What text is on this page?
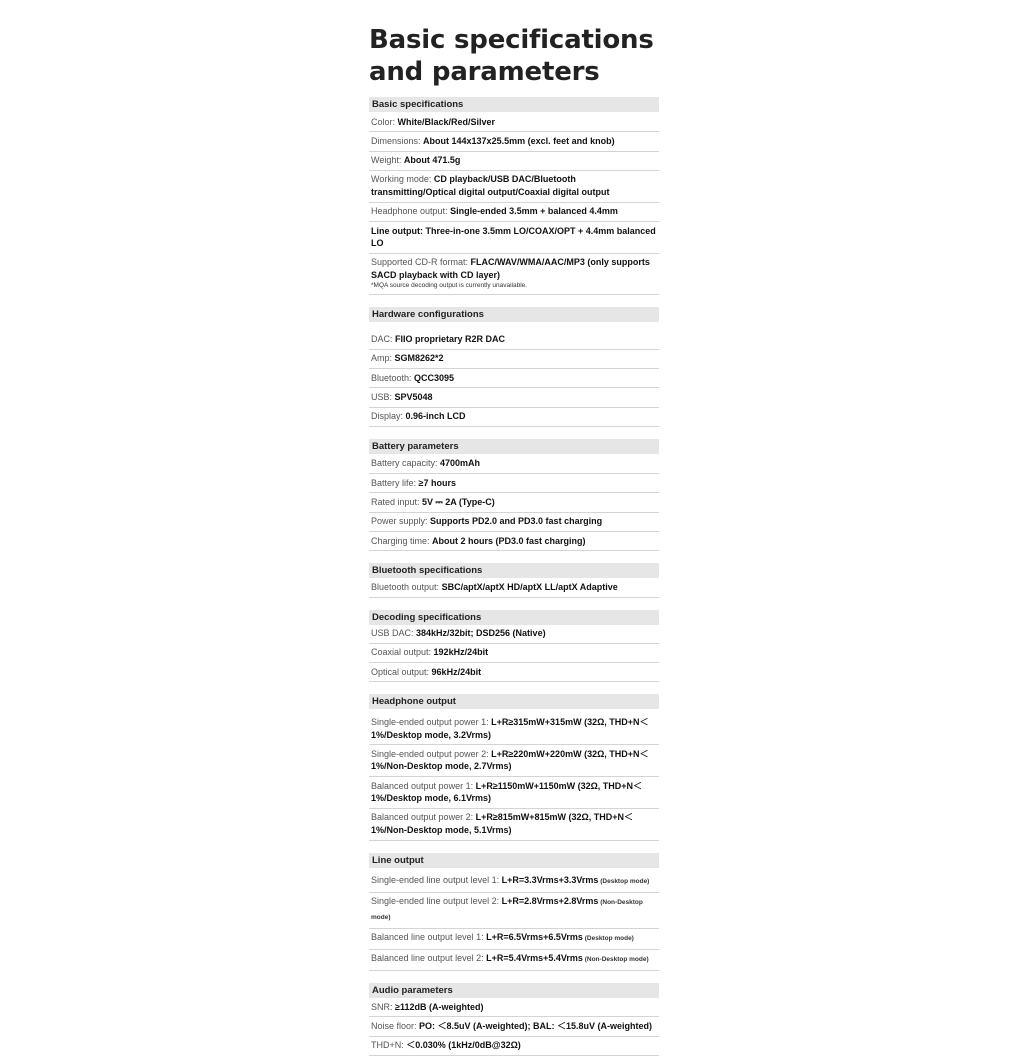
Basic specifications
and parameters
Basic specifications
Color: White/Black/Red/Silver
Dimensions: About 144x137x25.5mm (excl. feet and knob)
Weight: About 471.5g
Working mode: CD playback/USB DAC/Bluetooth transmitting/Optical digital output/Coaxial digital output
Headphone output: Single-ended 3.5mm + balanced 4.4mm
Line output: Three-in-one 3.5mm LO/COAX/OPT + 4.4mm balanced LO
Supported CD-R format: FLAC/WAV/WMA/AAC/MP3 (only supports SACD playback with CD layer)
*MQA source decoding output is currently unavailable.
Hardware configurations
DAC: FIIO proprietary R2R DAC
Amp: SGM8262*2
Bluetooth: QCC3095
USB: SPV5048
Display: 0.96-inch LCD
Battery parameters
Battery capacity: 4700mAh
Battery life: ≥7 hours
Rated input: 5V ⎓ 2A (Type-C)
Power supply: Supports PD2.0 and PD3.0 fast charging
Charging time: About 2 hours (PD3.0 fast charging)
Bluetooth specifications
Bluetooth output: SBC/aptX/aptX HD/aptX LL/aptX Adaptive
Decoding specifications
USB DAC: 384kHz/32bit; DSD256 (Native)
Coaxial output: 192kHz/24bit
Optical output: 96kHz/24bit
Headphone output
Single-ended output power 1: L+R≥315mW+315mW (32Ω, THD+N＜1%/Desktop mode, 3.2Vrms)
Single-ended output power 2: L+R≥220mW+220mW (32Ω, THD+N＜1%/Non-Desktop mode, 2.7Vrms)
Balanced output power 1: L+R≥1150mW+1150mW (32Ω, THD+N＜1%/Desktop mode, 6.1Vrms)
Balanced output power 2: L+R≥815mW+815mW (32Ω, THD+N＜1%/Non-Desktop mode, 5.1Vrms)
Line output
Single-ended line output level 1: L+R=3.3Vrms+3.3Vrms (Desktop mode)
Single-ended line output level 2: L+R=2.8Vrms+2.8Vrms (Non-Desktop mode)
Balanced line output level 1: L+R=6.5Vrms+6.5Vrms (Desktop mode)
Balanced line output level 2: L+R=5.4Vrms+5.4Vrms (Non-Desktop mode)
Audio parameters
SNR: ≥112dB (A-weighted)
Noise floor: PO: ＜8.5uV (A-weighted); BAL: ＜15.8uV (A-weighted)
THD+N: ＜0.030% (1kHz/0dB@32Ω)
